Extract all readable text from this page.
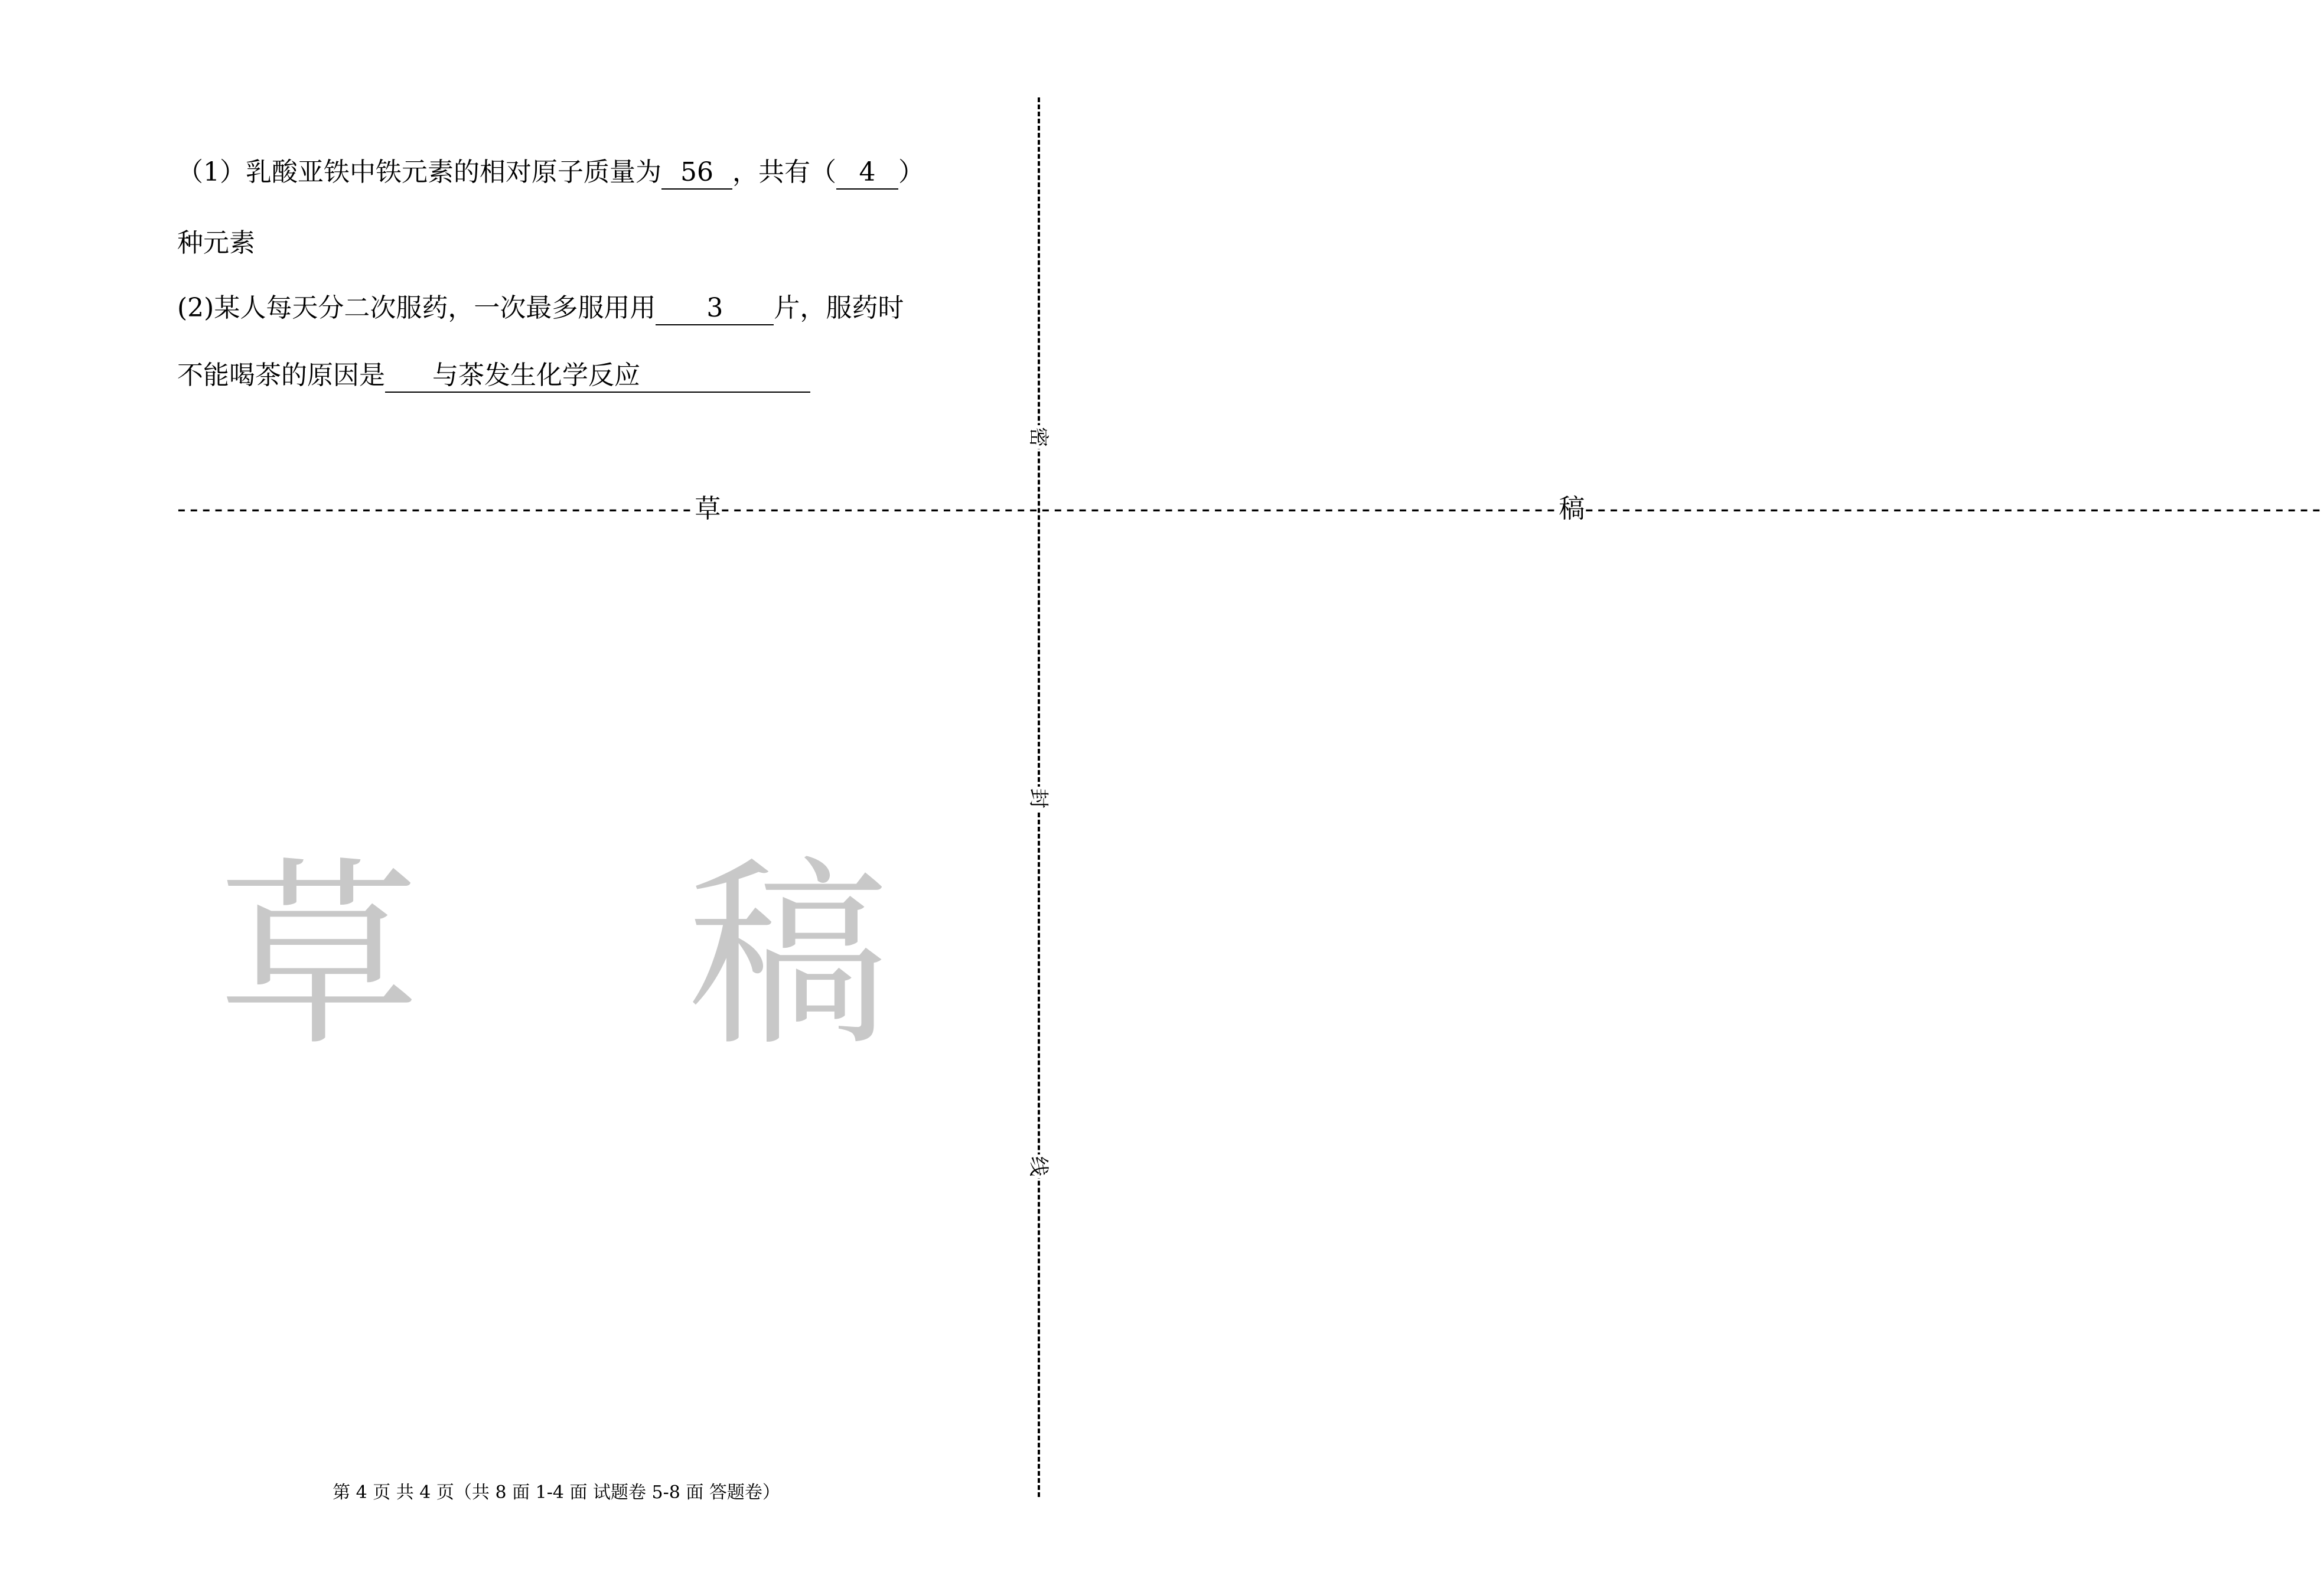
（1）乳酸亚铁中铁元素的相对原子质量为 56 ，共有（ 4 ）
种元素
(2)某人每天分二次服药，一次最多服用用 3 片，服药时
不能喝茶的原因是 与茶发生化学反应
------------------------------------------ 草 -------------------------------------------------------------------- 稿 ------------------------------------------------------------
草 稿
密
封
线
第 4 页 共 4 页（共 8 面 1-4 面 试题卷 5-8 面 答题卷）
